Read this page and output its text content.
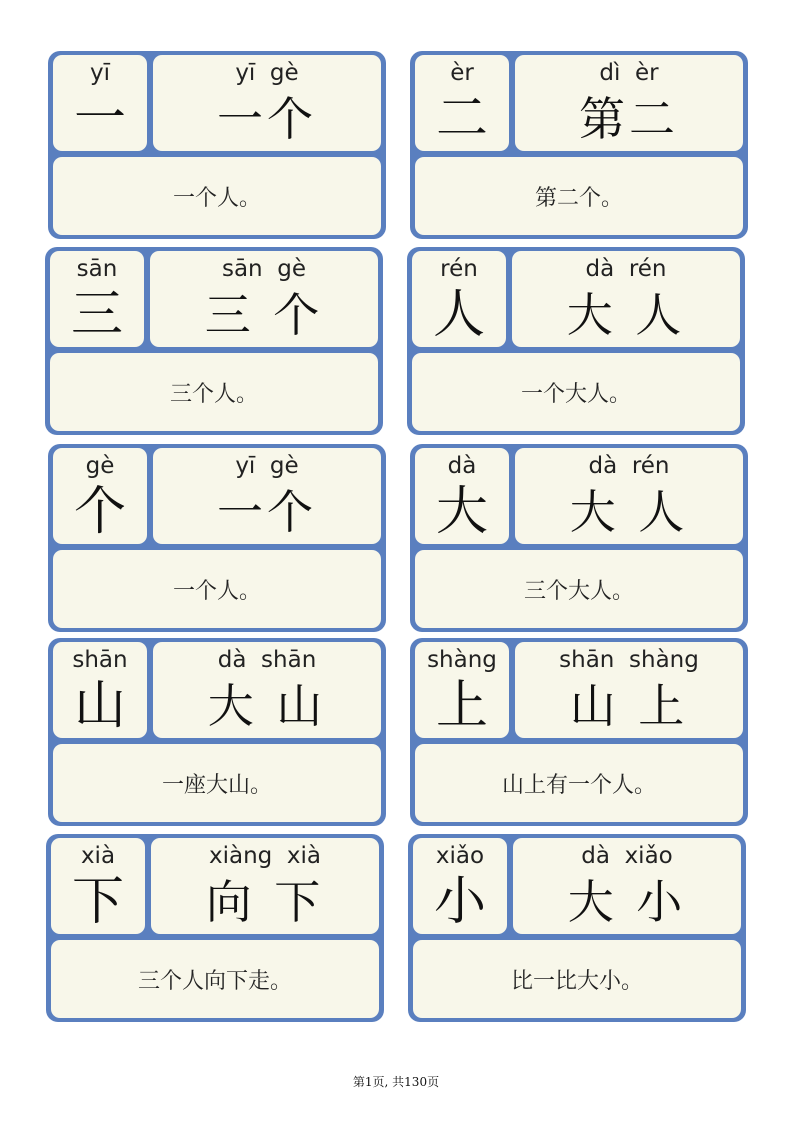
yī
一
yī  gè
一个
一个人。
èr
二
dì  èr
第二
第二个。
sān
三
sān  gè
三 个
三个人。
rén
人
dà  rén
大 人
一个大人。
gè
个
yī  gè
一个
一个人。
dà
大
dà  rén
大 人
三个大人。
shān
山
dà  shān
大 山
一座大山。
shàng
上
shān  shàng
山 上
山上有一个人。
xià
下
xiàng  xià
向 下
三个人向下走。
xiǎo
小
dà  xiǎo
大 小
比一比大小。
第1页, 共130页
